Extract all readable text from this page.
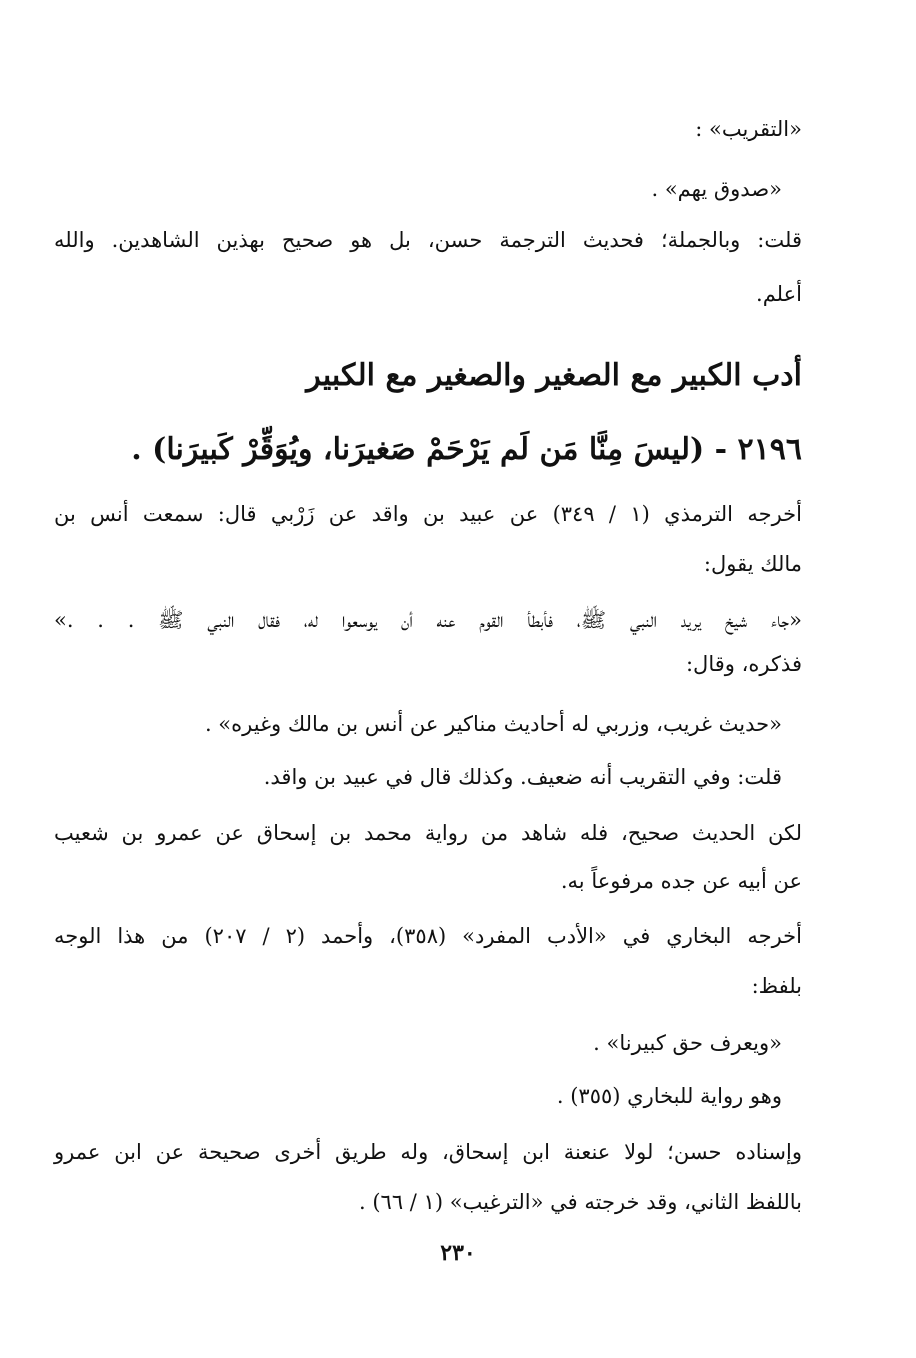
«التقريب» :
«صدوق يهم» .
قلت: وبالجملة؛ فحديث الترجمة حسن، بل هو صحيح بهذين الشاهدين. والله
أعلم.
أدب الكبير مع الصغير والصغير مع الكبير
٢١٩٦ - (ليسَ مِنَّا مَن لَم يَرْحَمْ صَغيرَنا، ويُوَقِّرْ كَبيرَنا) .
أخرجه الترمذي (١ / ٣٤٩) عن عبيد بن واقد عن زَرْبي قال: سمعت أنس بن
مالك يقول:
«جاء شيخ يريد النبي ﷺ، فأبطأ القوم عنه أن يوسعوا له، فقال النبي ﷺ . . .»
فذكره، وقال:
«حديث غريب، وزربي له أحاديث مناكير عن أنس بن مالك وغيره» .
قلت: وفي التقريب أنه ضعيف. وكذلك قال في عبيد بن واقد.
لكن الحديث صحيح، فله شاهد من رواية محمد بن إسحاق عن عمرو بن شعيب
عن أبيه عن جده مرفوعاً به.
أخرجه البخاري في «الأدب المفرد» (٣٥٨)، وأحمد (٢ / ٢٠٧) من هذا الوجه
بلفظ:
«ويعرف حق كبيرنا» .
وهو رواية للبخاري (٣٥٥) .
وإسناده حسن؛ لولا عنعنة ابن إسحاق، وله طريق أخرى صحيحة عن ابن عمرو
باللفظ الثاني، وقد خرجته في «الترغيب» (١ / ٦٦) .
٢٣٠
